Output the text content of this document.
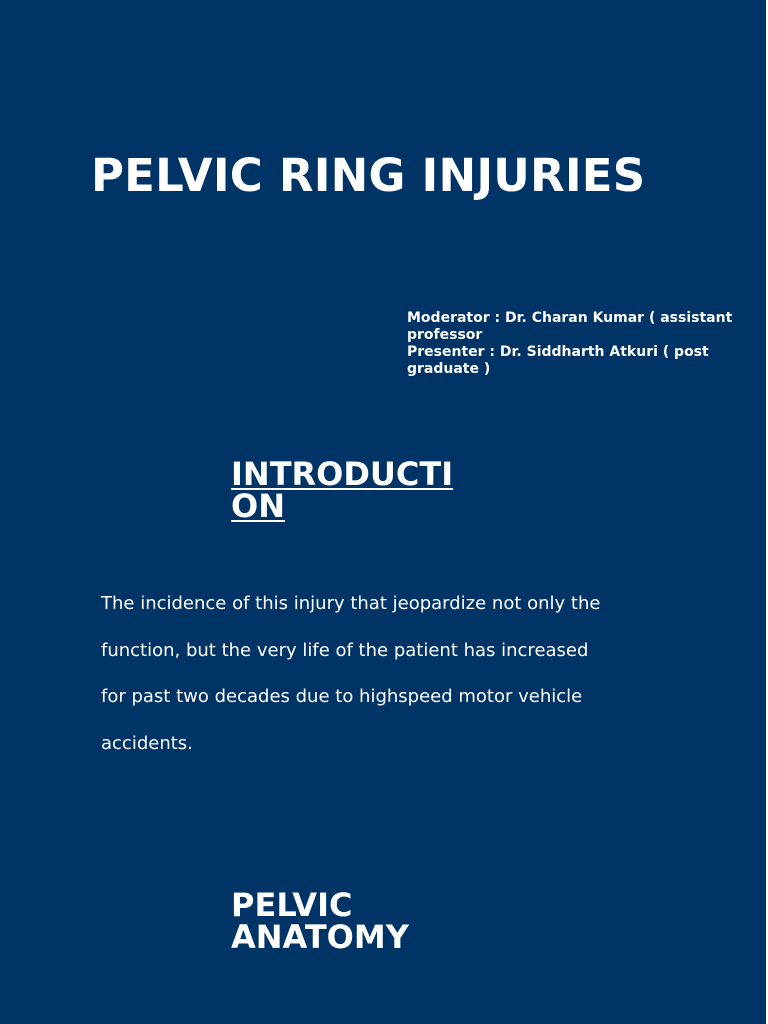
PELVIC RING INJURIES
Moderator : Dr. Charan Kumar ( assistant
professor
Presenter : Dr. Siddharth Atkuri ( post
graduate )
INTRODUCTI
ON

The incidence of this injury that jeopardize not only the
function, but the very life of the patient has increased
for past two decades due to highspeed motor vehicle
accidents.

PELVIC
ANATOMY
